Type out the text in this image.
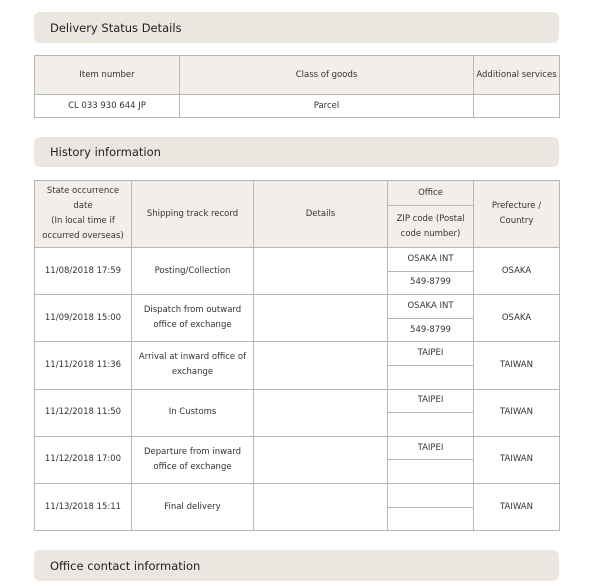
Delivery Status Details
Item number	Class of goods	Additional services
CL 033 930 644 JP	Parcel	
History information
State occurrence date
(In local time if occurred overseas)	Shipping track record	Details	Office	Prefecture / Country
			ZIP code (Postal code number)	
11/08/2018 17:59	Posting/Collection		OSAKA INT	OSAKA
			549-8799	
11/09/2018 15:00	Dispatch from outward office of exchange		OSAKA INT	OSAKA
			549-8799	
11/11/2018 11:36	Arrival at inward office of exchange		TAIPEI	TAIWAN

11/12/2018 11:50	In Customs		TAIPEI	TAIWAN

11/12/2018 17:00	Departure from inward office of exchange		TAIPEI	TAIWAN

11/13/2018 15:11	Final delivery			TAIWAN

Office contact information
